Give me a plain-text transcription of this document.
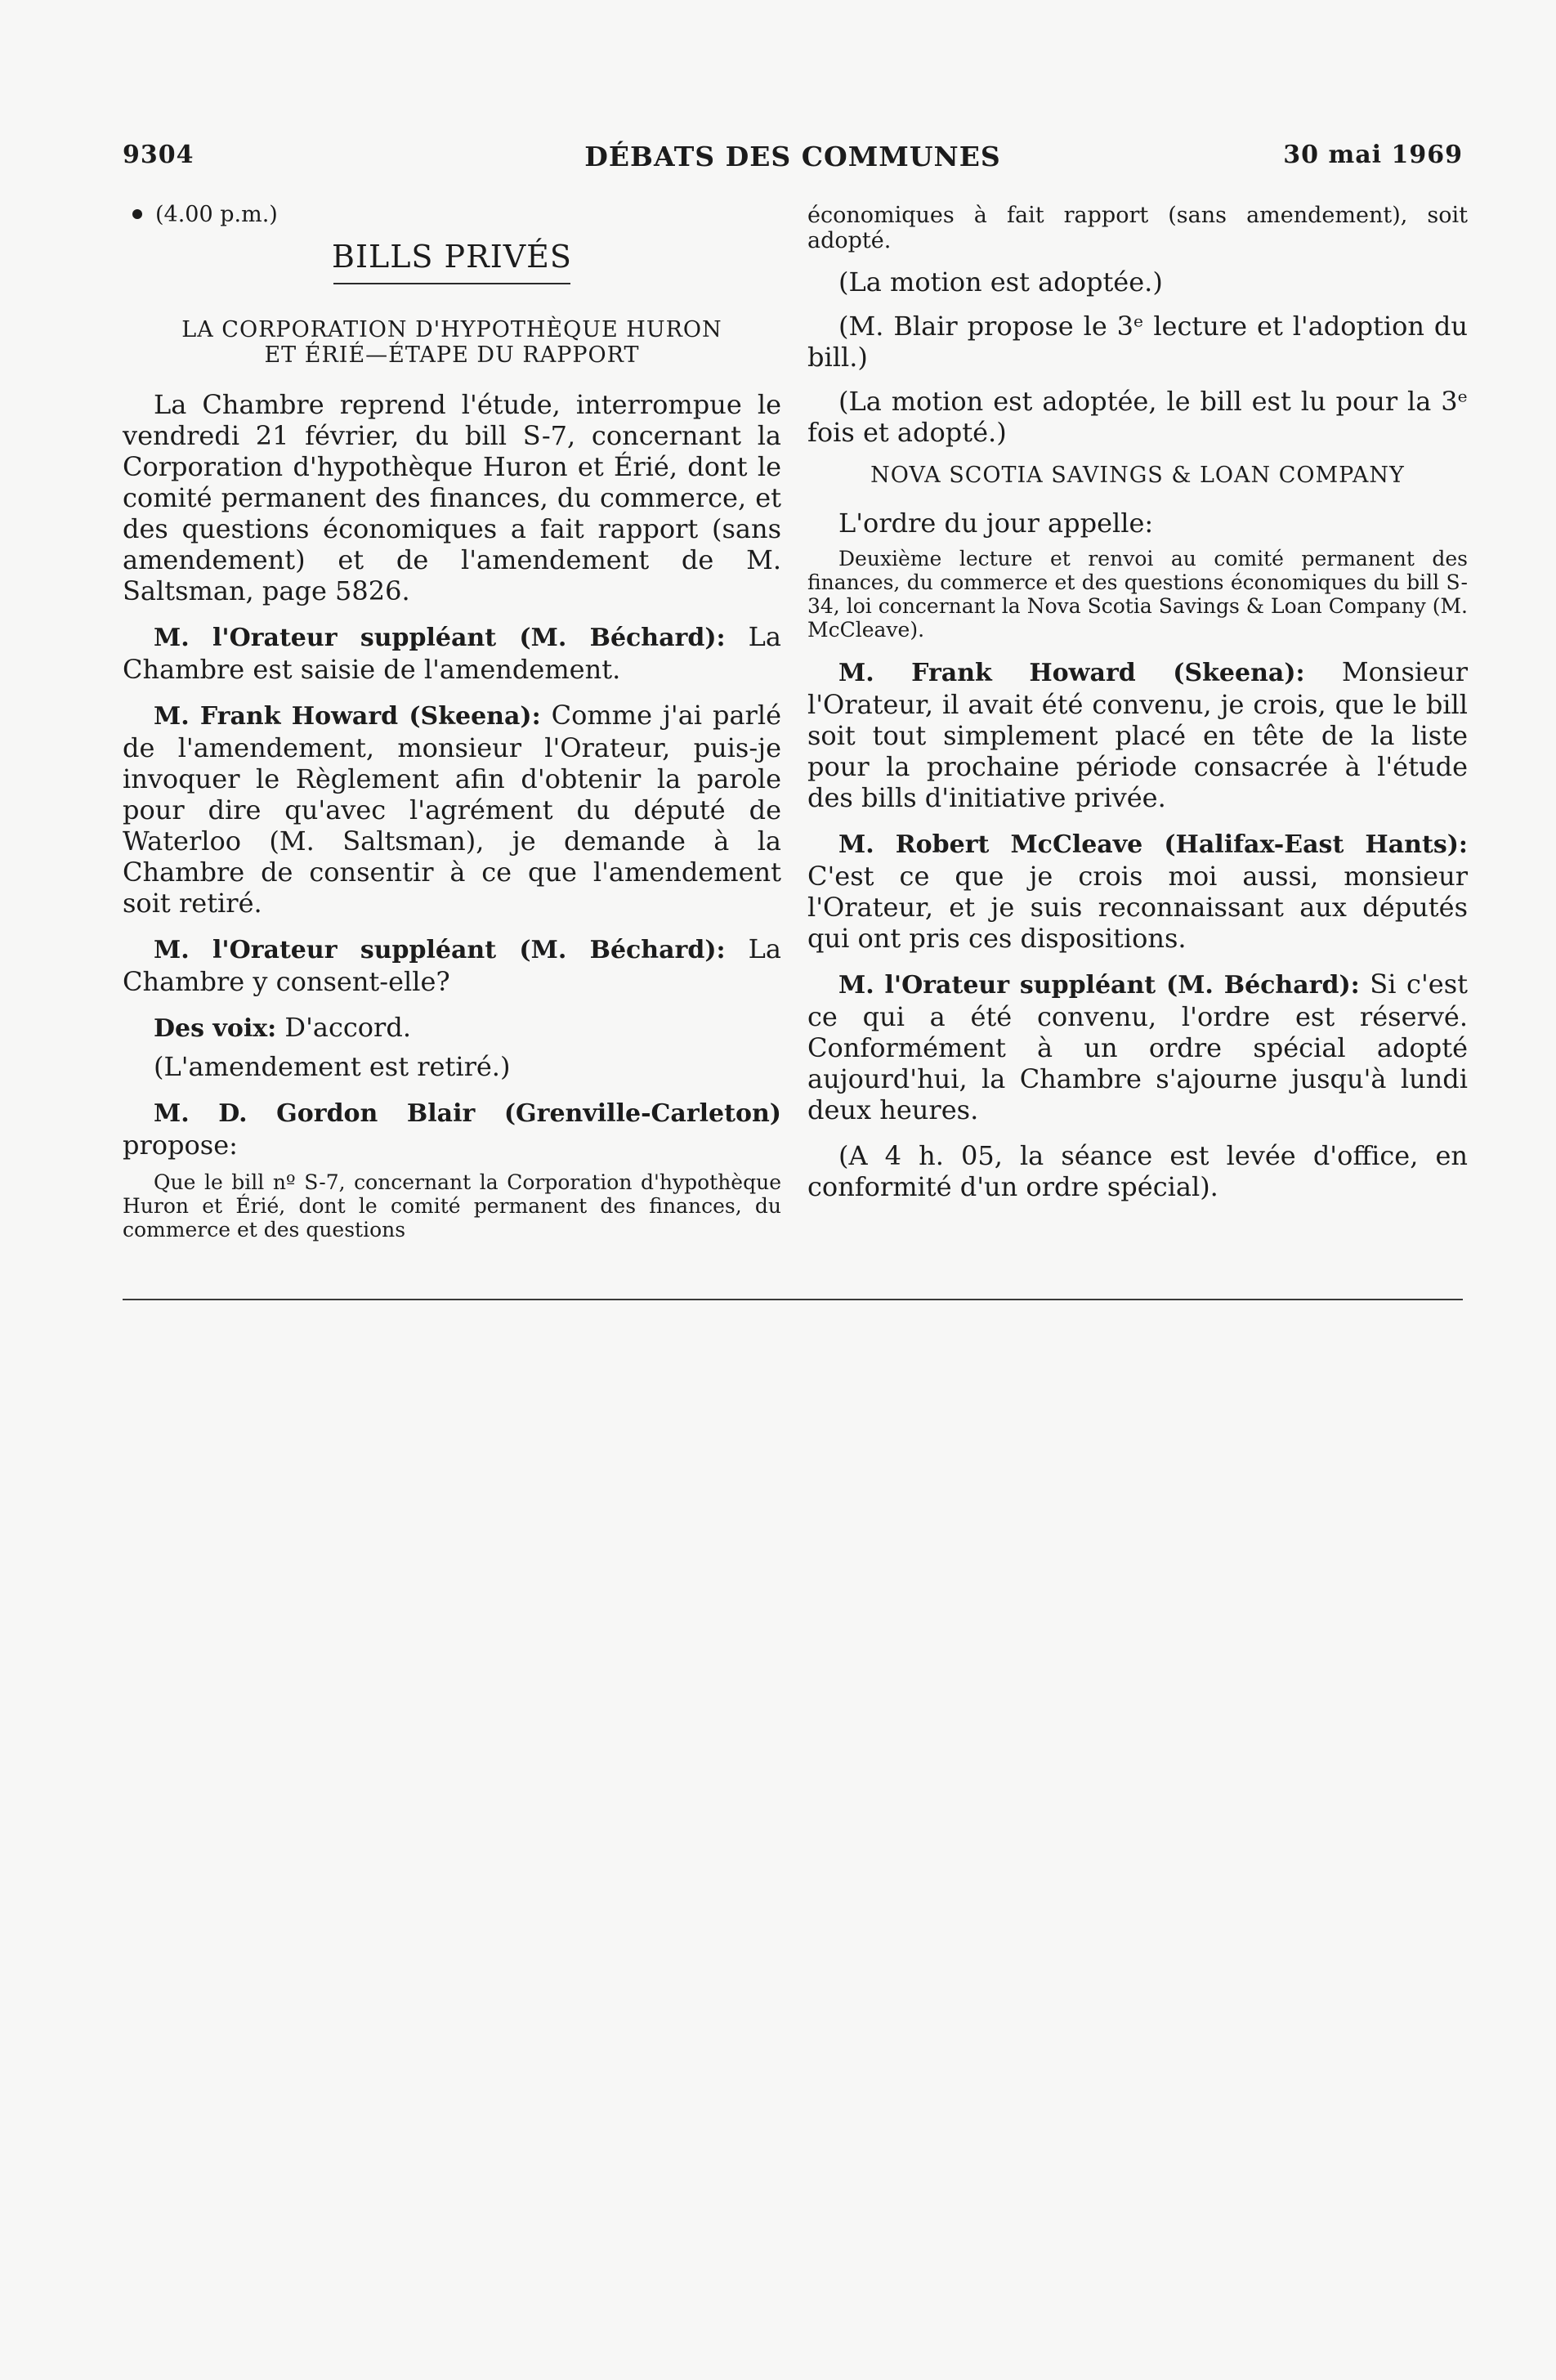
9304	DÉBATS DES COMMUNES	30 mai 1969
(4.00 p.m.)
BILLS PRIVÉS
LA CORPORATION D'HYPOTHÈQUE HURON
ET ÉRIÉ—ÉTAPE DU RAPPORT

La Chambre reprend l'étude, interrompue le vendredi 21 février, du bill S-7, concernant la Corporation d'hypothèque Huron et Érié, dont le comité permanent des finances, du commerce, et des questions économiques a fait rapport (sans amendement) et de l'amendement de M. Saltsman, page 5826.

M. l'Orateur suppléant (M. Béchard): La Chambre est saisie de l'amendement.

M. Frank Howard (Skeena): Comme j'ai parlé de l'amendement, monsieur l'Orateur, puis-je invoquer le Règlement afin d'obtenir la parole pour dire qu'avec l'agrément du député de Waterloo (M. Saltsman), je demande à la Chambre de consentir à ce que l'amendement soit retiré.

M. l'Orateur suppléant (M. Béchard): La Chambre y consent-elle?

Des voix: D'accord.

(L'amendement est retiré.)

M. D. Gordon Blair (Grenville-Carleton) propose:

Que le bill nº S-7, concernant la Corporation d'hypothèque Huron et Érié, dont le comité permanent des finances, du commerce et des questions

économiques à fait rapport (sans amendement), soit adopté.

(La motion est adoptée.)

(M. Blair propose le 3ᵉ lecture et l'adoption du bill.)

(La motion est adoptée, le bill est lu pour la 3ᵉ fois et adopté.)

NOVA SCOTIA SAVINGS & LOAN COMPANY

L'ordre du jour appelle:

Deuxième lecture et renvoi au comité permanent des finances, du commerce et des questions économiques du bill S-34, loi concernant la Nova Scotia Savings & Loan Company (M. McCleave).

M. Frank Howard (Skeena): Monsieur l'Orateur, il avait été convenu, je crois, que le bill soit tout simplement placé en tête de la liste pour la prochaine période consacrée à l'étude des bills d'initiative privée.

M. Robert McCleave (Halifax-East Hants): C'est ce que je crois moi aussi, monsieur l'Orateur, et je suis reconnaissant aux députés qui ont pris ces dispositions.

M. l'Orateur suppléant (M. Béchard): Si c'est ce qui a été convenu, l'ordre est réservé. Conformément à un ordre spécial adopté aujourd'hui, la Chambre s'ajourne jusqu'à lundi deux heures.

(A 4 h. 05, la séance est levée d'office, en conformité d'un ordre spécial).
